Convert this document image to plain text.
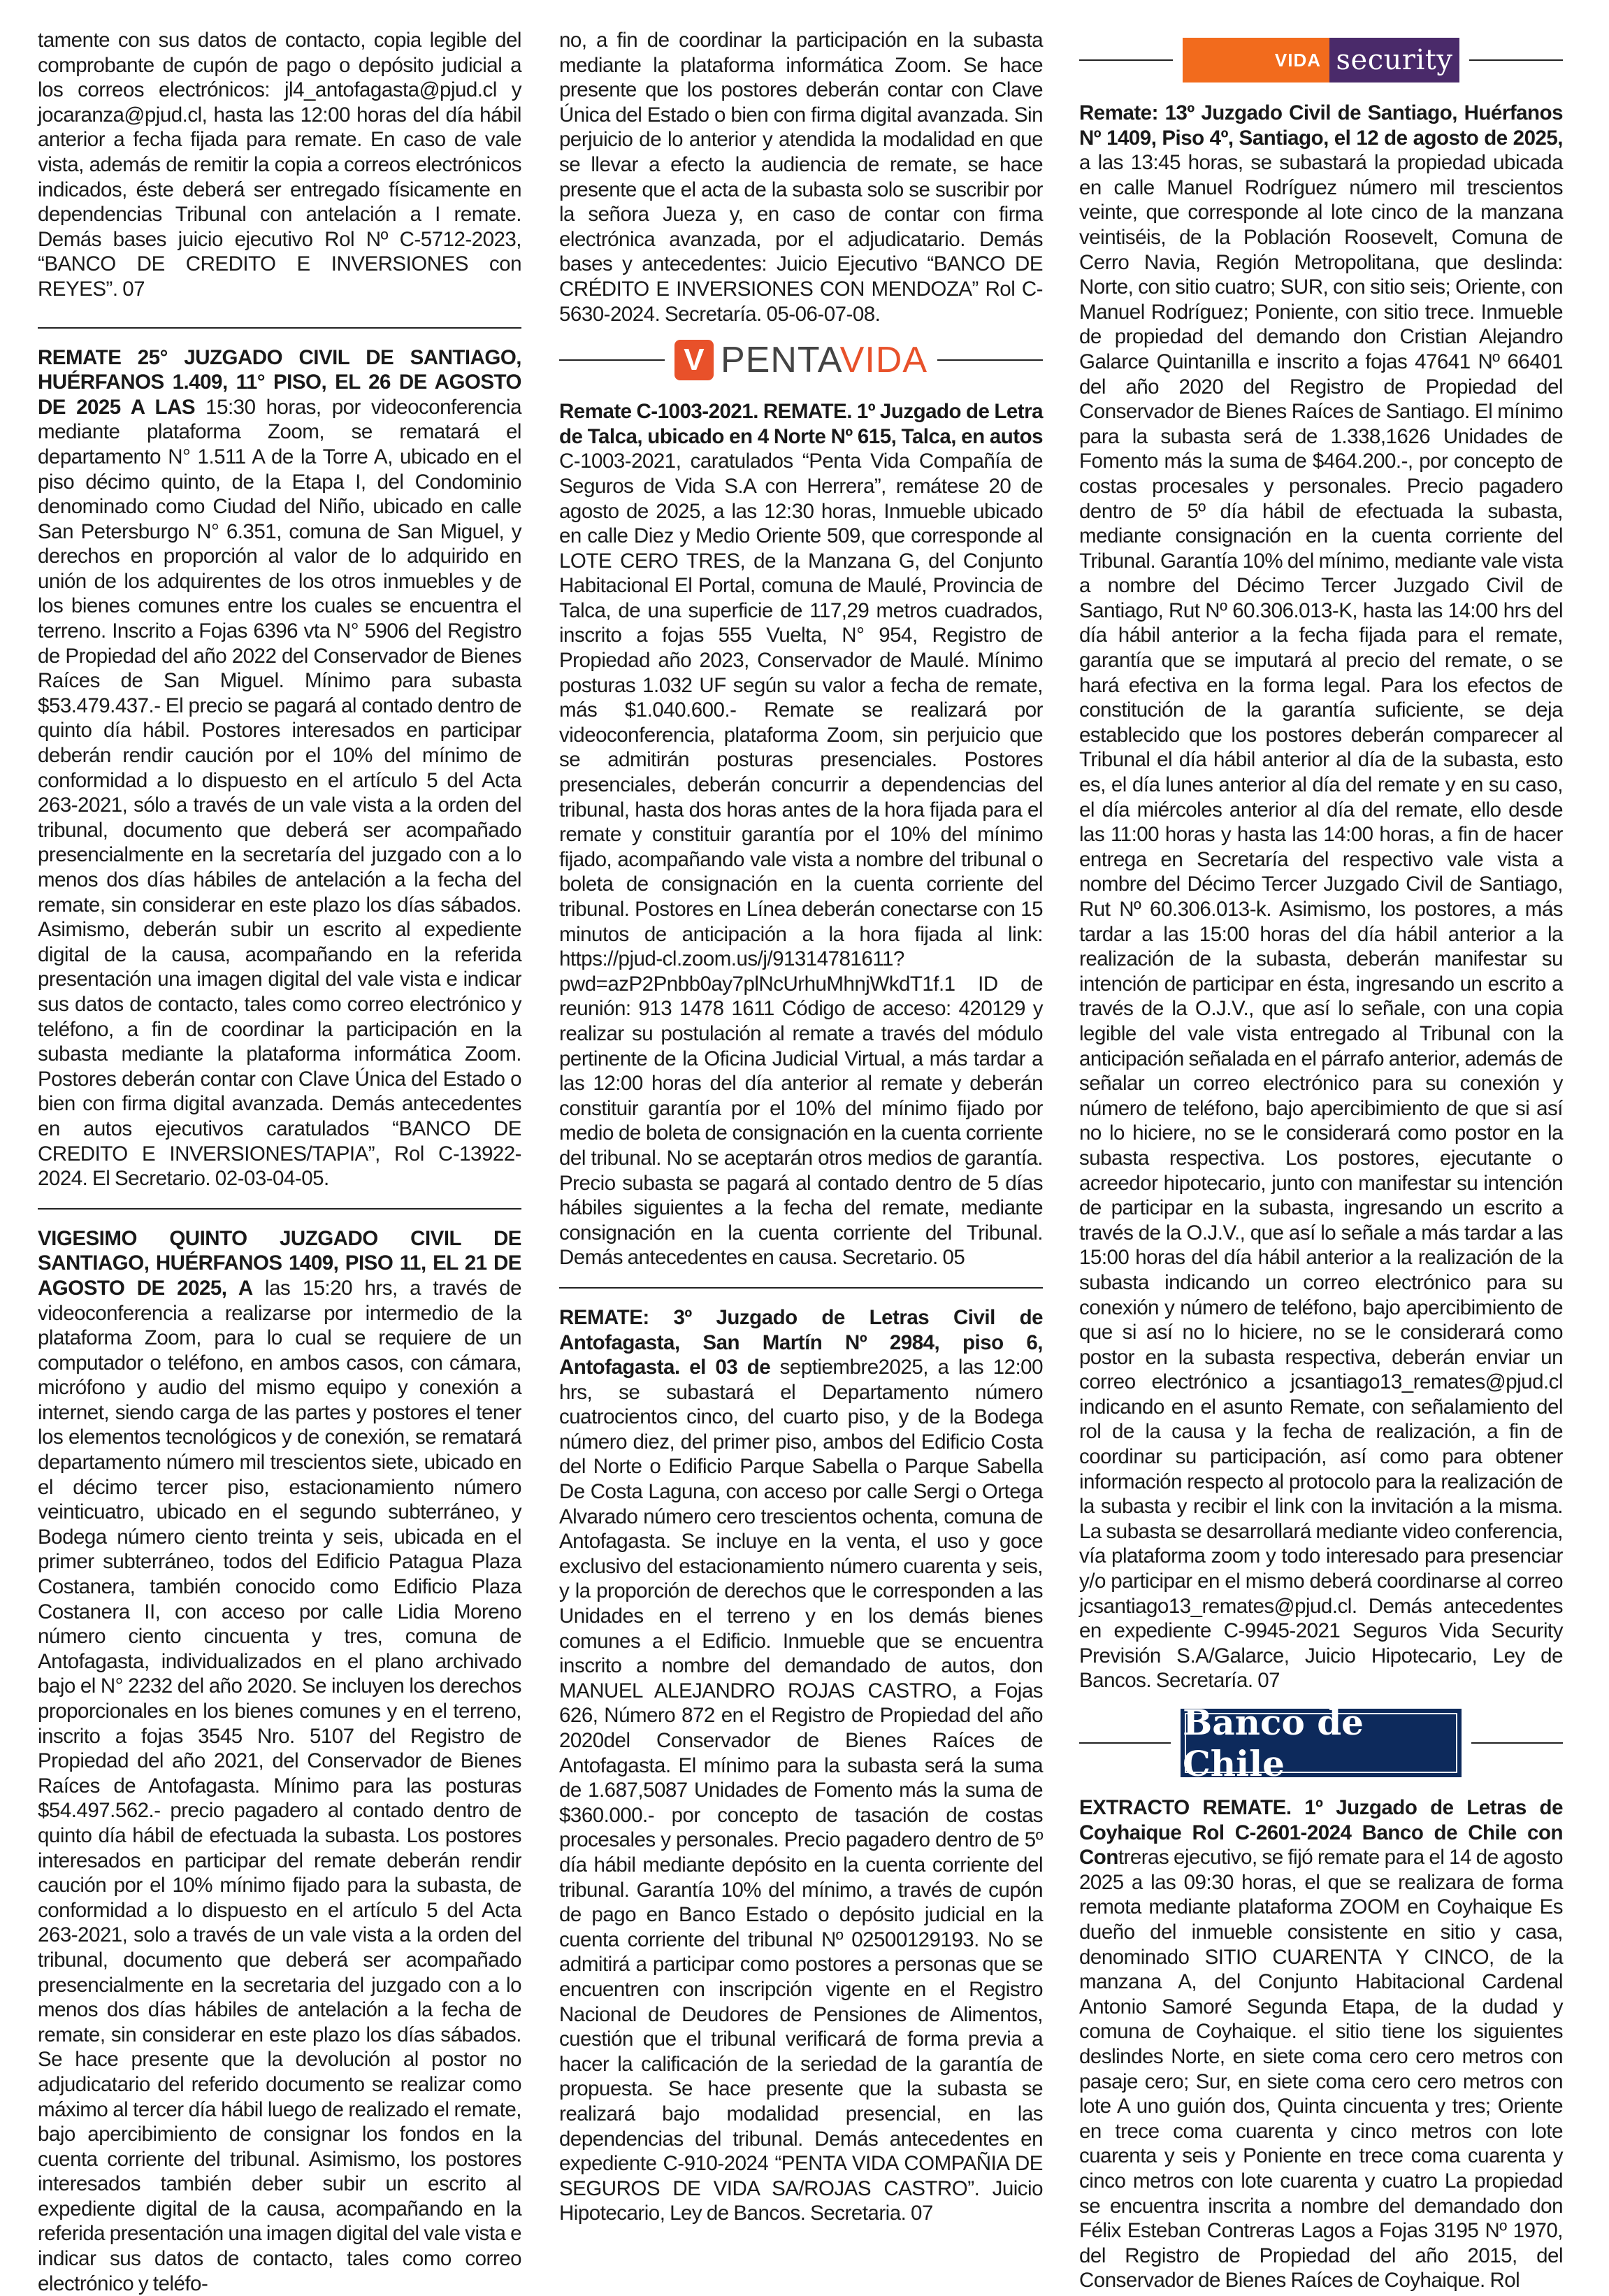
tamente con sus datos de contacto, copia legible del comprobante de cupón de pago o depósito judicial a los correos electrónicos: jl4_antofagasta@pjud.cl y jocaranza@pjud.cl, hasta las 12:00 horas del día hábil anterior a fecha fijada para remate. En caso de vale vista, además de remitir la copia a correos electrónicos indicados, éste deberá ser entregado físicamente en dependencias Tribunal con antelación a I remate. Demás bases juicio ejecutivo Rol Nº C-5712-2023, “BANCO DE CREDITO E INVERSIONES con REYES”. 07

REMATE 25° JUZGADO CIVIL DE SANTIAGO, HUÉRFANOS 1.409, 11° PISO, EL 26 DE AGOSTO DE 2025 A LAS 15:30 horas, por videoconferencia mediante plataforma Zoom, se rematará el departamento N° 1.511 A de la Torre A, ubicado en el piso décimo quinto, de la Etapa I, del Condominio denominado como Ciudad del Niño, ubicado en calle San Petersburgo N° 6.351, comuna de San Miguel, y derechos en proporción al valor de lo adquirido en unión de los adquirentes de los otros inmuebles y de los bienes comunes entre los cuales se encuentra el terreno. Inscrito a Fojas 6396 vta N° 5906 del Registro de Propiedad del año 2022 del Conservador de Bienes Raíces de San Miguel. Mínimo para subasta $53.479.437.- El precio se pagará al contado dentro de quinto día hábil. Postores interesados en participar deberán rendir caución por el 10% del mínimo de conformidad a lo dispuesto en el artículo 5 del Acta 263-2021, sólo a través de un vale vista a la orden del tribunal, documento que deberá ser acompañado presencialmente en la secretaría del juzgado con a lo menos dos días hábiles de antelación a la fecha del remate, sin considerar en este plazo los días sábados. Asimismo, deberán subir un escrito al expediente digital de la causa, acompañando en la referida presentación una imagen digital del vale vista e indicar sus datos de contacto, tales como correo electrónico y teléfono, a fin de coordinar la participación en la subasta mediante la plataforma informática Zoom. Postores deberán contar con Clave Única del Estado o bien con firma digital avanzada. Demás antecedentes en autos ejecutivos caratulados “BANCO DE CREDITO E INVERSIONES/TAPIA”, Rol C-13922-2024. El Secretario. 02-03-04-05.

VIGESIMO QUINTO JUZGADO CIVIL DE SANTIAGO, HUÉRFANOS 1409, PISO 11, EL 21 DE AGOSTO DE 2025, A las 15:20 hrs, a través de videoconferencia a realizarse por intermedio de la plataforma Zoom, para lo cual se requiere de un computador o teléfono, en ambos casos, con cámara, micrófono y audio del mismo equipo y conexión a internet, siendo carga de las partes y postores el tener los elementos tecnológicos y de conexión, se rematará departamento número mil trescientos siete, ubicado en el décimo tercer piso, estacionamiento número veinticuatro, ubicado en el segundo subterráneo, y Bodega número ciento treinta y seis, ubicada en el primer subterráneo, todos del Edificio Patagua Plaza Costanera, también conocido como Edificio Plaza Costanera II, con acceso por calle Lidia Moreno número ciento cincuenta y tres, comuna de Antofagasta, individualizados en el plano archivado bajo el N° 2232 del año 2020. Se incluyen los derechos proporcionales en los bienes comunes y en el terreno, inscrito a fojas 3545 Nro. 5107 del Registro de Propiedad del año 2021, del Conservador de Bienes Raíces de Antofagasta. Mínimo para las posturas $54.497.562.- precio pagadero al contado dentro de quinto día hábil de efectuada la subasta. Los postores interesados en participar del remate deberán rendir caución por el 10% mínimo fijado para la subasta, de conformidad a lo dispuesto en el artículo 5 del Acta 263-2021, solo a través de un vale vista a la orden del tribunal, documento que deberá ser acompañado presencialmente en la secretaria del juzgado con a lo menos dos días hábiles de antelación a la fecha de remate, sin considerar en este plazo los días sábados. Se hace presente que la devolución al postor no adjudicatario del referido documento se realizar como máximo al tercer día hábil luego de realizado el remate, bajo apercibimiento de consignar los fondos en la cuenta corriente del tribunal. Asimismo, los postores interesados también deber subir un escrito al expediente digital de la causa, acompañando en la referida presentación una imagen digital del vale vista e indicar sus datos de contacto, tales como correo electrónico y teléfo-

no, a fin de coordinar la participación en la subasta mediante la plataforma informática Zoom. Se hace presente que los postores deberán contar con Clave Única del Estado o bien con firma digital avanzada. Sin perjuicio de lo anterior y atendida la modalidad en que se llevar a efecto la audiencia de remate, se hace presente que el acta de la subasta solo se suscribir por la señora Jueza y, en caso de contar con firma electrónica avanzada, por el adjudicatario. Demás bases y antecedentes: Juicio Ejecutivo “BANCO DE CRÉDITO E INVERSIONES CON MENDOZA” Rol C-5630-2024. Secretaría. 05-06-07-08.

V PENTAVIDA

Remate C-1003-2021. REMATE. 1º Juzgado de Letra de Talca, ubicado en 4 Norte Nº 615, Talca, en autos C-1003-2021, caratulados “Penta Vida Compañía de Seguros de Vida S.A con Herrera”, remátese 20 de agosto de 2025, a las 12:30 horas, Inmueble ubicado en calle Diez y Medio Oriente 509, que corresponde al LOTE CERO TRES, de la Manzana G, del Conjunto Habitacional El Portal, comuna de Maulé, Provincia de Talca, de una superficie de 117,29 metros cuadrados, inscrito a fojas 555 Vuelta, N° 954, Registro de Propiedad año 2023, Conservador de Maulé. Mínimo posturas 1.032 UF según su valor a fecha de remate, más $1.040.600.- Remate se realizará por videoconferencia, plataforma Zoom, sin perjuicio que se admitirán posturas presenciales. Postores presenciales, deberán concurrir a dependencias del tribunal, hasta dos horas antes de la hora fijada para el remate y constituir garantía por el 10% del mínimo fijado, acompañando vale vista a nombre del tribunal o boleta de consignación en la cuenta corriente del tribunal. Postores en Línea deberán conectarse con 15 minutos de anticipación a la hora fijada al link: https://pjud-cl.zoom.us/j/91314781611?pwd=azP2Pnbb0ay7plNcUrhuMhnjWkdT1f.1 ID de reunión: 913 1478 1611 Código de acceso: 420129 y realizar su postulación al remate a través del módulo pertinente de la Oficina Judicial Virtual, a más tardar a las 12:00 horas del día anterior al remate y deberán constituir garantía por el 10% del mínimo fijado por medio de boleta de consignación en la cuenta corriente del tribunal. No se aceptarán otros medios de garantía. Precio subasta se pagará al contado dentro de 5 días hábiles siguientes a la fecha del remate, mediante consignación en la cuenta corriente del Tribunal. Demás antecedentes en causa. Secretario. 05

REMATE: 3º Juzgado de Letras Civil de Antofagasta, San Martín Nº 2984, piso 6, Antofagasta. el 03 de septiembre2025, a las 12:00 hrs, se subastará el Departamento número cuatrocientos cinco, del cuarto piso, y de la Bodega número diez, del primer piso, ambos del Edificio Costa del Norte o Edificio Parque Sabella o Parque Sabella De Costa Laguna, con acceso por calle Sergi o Ortega Alvarado número cero trescientos ochenta, comuna de Antofagasta. Se incluye en la venta, el uso y goce exclusivo del estacionamiento número cuarenta y seis, y la proporción de derechos que le corresponden a las Unidades en el terreno y en los demás bienes comunes a el Edificio. Inmueble que se encuentra inscrito a nombre del demandado de autos, don MANUEL ALEJANDRO ROJAS CASTRO, a Fojas 626, Número 872 en el Registro de Propiedad del año 2020del Conservador de Bienes Raíces de Antofagasta. El mínimo para la subasta será la suma de 1.687,5087 Unidades de Fomento más la suma de $360.000.- por concepto de tasación de costas procesales y personales. Precio pagadero dentro de 5º día hábil mediante depósito en la cuenta corriente del tribunal. Garantía 10% del mínimo, a través de cupón de pago en Banco Estado o depósito judicial en la cuenta corriente del tribunal Nº 02500129193. No se admitirá a participar como postores a personas que se encuentren con inscripción vigente en el Registro Nacional de Deudores de Pensiones de Alimentos, cuestión que el tribunal verificará de forma previa a hacer la calificación de la seriedad de la garantía de propuesta. Se hace presente que la subasta se realizará bajo modalidad presencial, en las dependencias del tribunal. Demás antecedentes en expediente C-910-2024 “PENTA VIDA COMPAÑIA DE SEGUROS DE VIDA SA/ROJAS CASTRO”. Juicio Hipotecario, Ley de Bancos. Secretaria. 07

VIDA security

Remate: 13º Juzgado Civil de Santiago, Huérfanos Nº 1409, Piso 4º, Santiago, el 12 de agosto de 2025, a las 13:45 horas, se subastará la propiedad ubicada en calle Manuel Rodríguez número mil trescientos veinte, que corresponde al lote cinco de la manzana veintiséis, de la Población Roosevelt, Comuna de Cerro Navia, Región Metropolitana, que deslinda: Norte, con sitio cuatro; SUR, con sitio seis; Oriente, con Manuel Rodríguez; Poniente, con sitio trece. Inmueble de propiedad del demando don Cristian Alejandro Galarce Quintanilla e inscrito a fojas 47641 Nº 66401 del año 2020 del Registro de Propiedad del Conservador de Bienes Raíces de Santiago. El mínimo para la subasta será de 1.338,1626 Unidades de Fomento más la suma de $464.200.-, por concepto de costas procesales y personales. Precio pagadero dentro de 5º día hábil de efectuada la subasta, mediante consignación en la cuenta corriente del Tribunal. Garantía 10% del mínimo, mediante vale vista a nombre del Décimo Tercer Juzgado Civil de Santiago, Rut Nº 60.306.013-K, hasta las 14:00 hrs del día hábil anterior a la fecha fijada para el remate, garantía que se imputará al precio del remate, o se hará efectiva en la forma legal. Para los efectos de constitución de la garantía suficiente, se deja establecido que los postores deberán comparecer al Tribunal el día hábil anterior al día de la subasta, esto es, el día lunes anterior al día del remate y en su caso, el día miércoles anterior al día del remate, ello desde las 11:00 horas y hasta las 14:00 horas, a fin de hacer entrega en Secretaría del respectivo vale vista a nombre del Décimo Tercer Juzgado Civil de Santiago, Rut Nº 60.306.013-k. Asimismo, los postores, a más tardar a las 15:00 horas del día hábil anterior a la realización de la subasta, deberán manifestar su intención de participar en ésta, ingresando un escrito a través de la O.J.V., que así lo señale, con una copia legible del vale vista entregado al Tribunal con la anticipación señalada en el párrafo anterior, además de señalar un correo electrónico para su conexión y número de teléfono, bajo apercibimiento de que si así no lo hiciere, no se le considerará como postor en la subasta respectiva. Los postores, ejecutante o acreedor hipotecario, junto con manifestar su intención de participar en la subasta, ingresando un escrito a través de la O.J.V., que así lo señale a más tardar a las 15:00 horas del día hábil anterior a la realización de la subasta indicando un correo electrónico para su conexión y número de teléfono, bajo apercibimiento de que si así no lo hiciere, no se le considerará como postor en la subasta respectiva, deberán enviar un correo electrónico a jcsantiago13_remates@pjud.cl indicando en el asunto Remate, con señalamiento del rol de la causa y la fecha de realización, a fin de coordinar su participación, así como para obtener información respecto al protocolo para la realización de la subasta y recibir el link con la invitación a la misma. La subasta se desarrollará mediante video conferencia, vía plataforma zoom y todo interesado para presenciar y/o participar en el mismo deberá coordinarse al correo jcsantiago13_remates@pjud.cl. Demás antecedentes en expediente C-9945-2021 Seguros Vida Security Previsión S.A/Galarce, Juicio Hipotecario, Ley de Bancos. Secretaría. 07

Banco de Chile

EXTRACTO REMATE. 1º Juzgado de Letras de Coyhaique Rol C-2601-2024 Banco de Chile con Contreras ejecutivo, se fijó remate para el 14 de agosto 2025 a las 09:30 horas, el que se realizara de forma remota mediante plataforma ZOOM en Coyhaique Es dueño del inmueble consistente en sitio y casa, denominado SITIO CUARENTA Y CINCO, de la manzana A, del Conjunto Habitacional Cardenal Antonio Samoré Segunda Etapa, de la dudad y comuna de Coyhaique. el sitio tiene los siguientes deslindes Norte, en siete coma cero cero metros con pasaje cero; Sur, en siete coma cero cero metros con lote A uno guión dos, Quinta cincuenta y tres; Oriente en trece coma cuarenta y cinco metros con lote cuarenta y seis y Poniente en trece coma cuarenta y cinco metros con lote cuarenta y cuatro La propiedad se encuentra inscrita a nombre del demandado don Félix Esteban Contreras Lagos a Fojas 3195 Nº 1970, del Registro de Propiedad del año 2015, del Conservador de Bienes Raíces de Coyhaique. Rol
